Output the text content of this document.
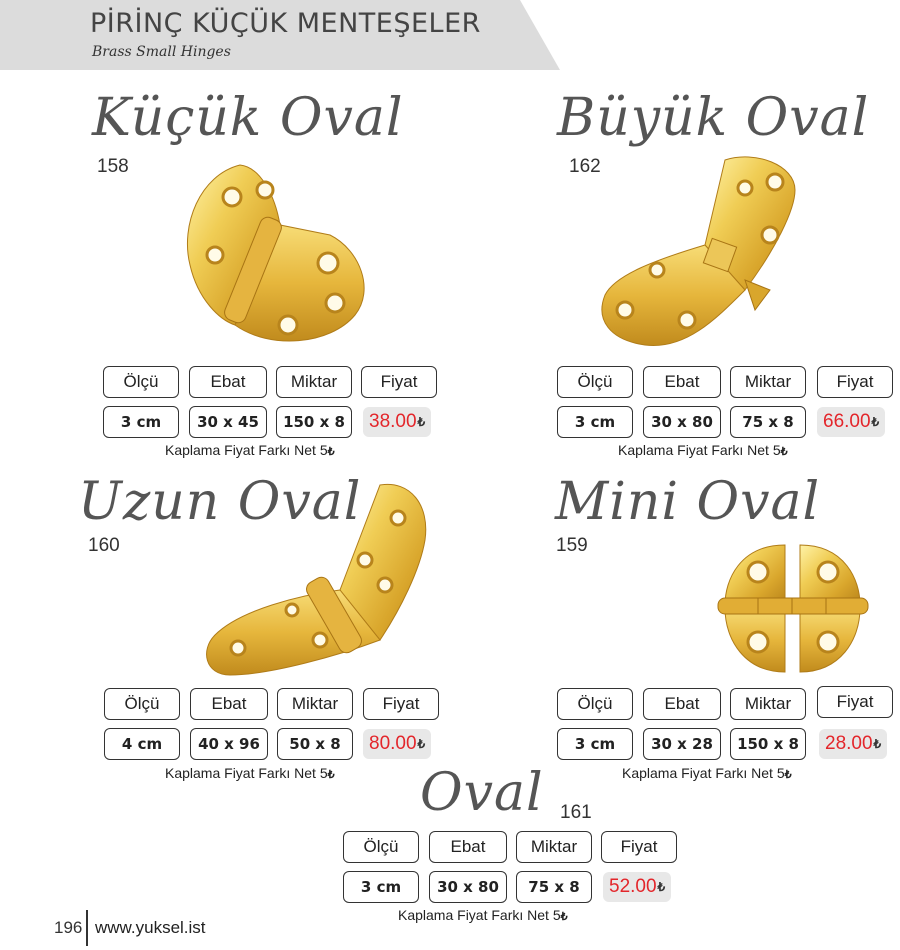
PİRİNÇ KÜÇÜK MENTEŞELER
Brass Small Hinges
Küçük Oval
158
Ölçü	Ebat	Miktar	Fiyat
3 cm	30 x 45	150 x 8	38.00 ₺
Kaplama Fiyat Farkı Net 5₺
Büyük Oval
162
Ölçü	Ebat	Miktar	Fiyat
3 cm	30 x 80	75 x 8	66.00 ₺
Kaplama Fiyat Farkı Net 5₺
Uzun Oval
160
Ölçü	Ebat	Miktar	Fiyat
4 cm	40 x 96	50 x 8	80.00 ₺
Kaplama Fiyat Farkı Net 5₺
Mini Oval
159
Ölçü	Ebat	Miktar	Fiyat
3 cm	30 x 28	150 x 8	28.00 ₺
Kaplama Fiyat Farkı Net 5₺
Oval 161
Ölçü	Ebat	Miktar	Fiyat
3 cm	30 x 80	75 x 8	52.00 ₺
Kaplama Fiyat Farkı Net 5₺
196 www.yuksel.ist
